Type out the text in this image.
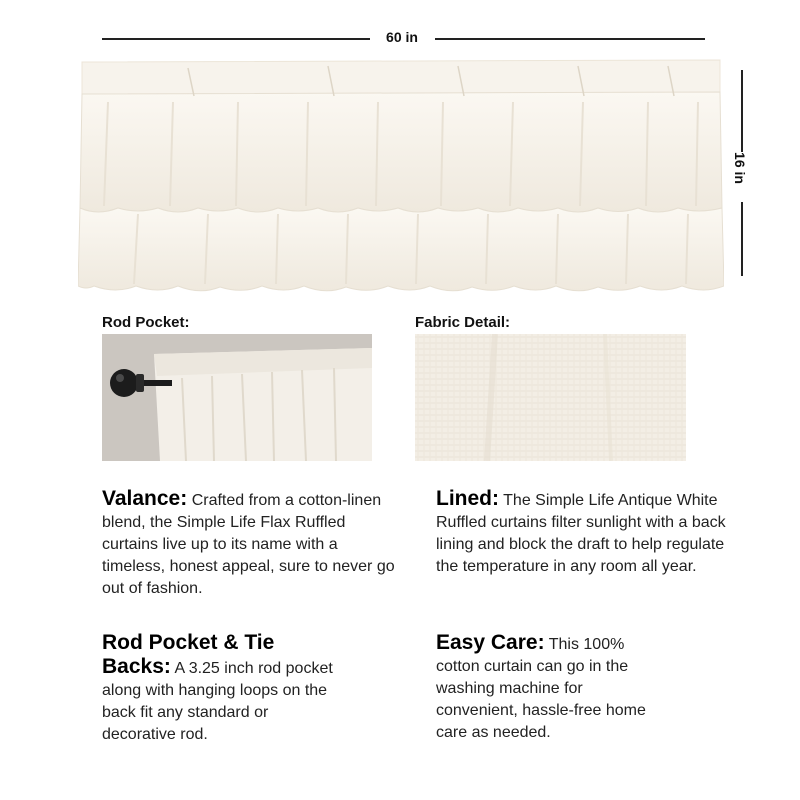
60 in
16 in
Rod Pocket:	Fabric Detail:
Valance: Crafted from a cotton-linen blend, the Simple Life Flax Ruffled curtains live up to its name with a timeless, honest appeal, sure to never go out of fashion.
Lined: The Simple Life Antique White Ruffled curtains filter sunlight with a back lining and block the draft to help regulate the temperature in any room all year.
Rod Pocket & Tie Backs: A 3.25 inch rod pocket along with hanging loops on the back fit any standard or decorative rod.
Easy Care: This 100% cotton curtain can go in the washing machine for convenient, hassle-free home care as needed.
